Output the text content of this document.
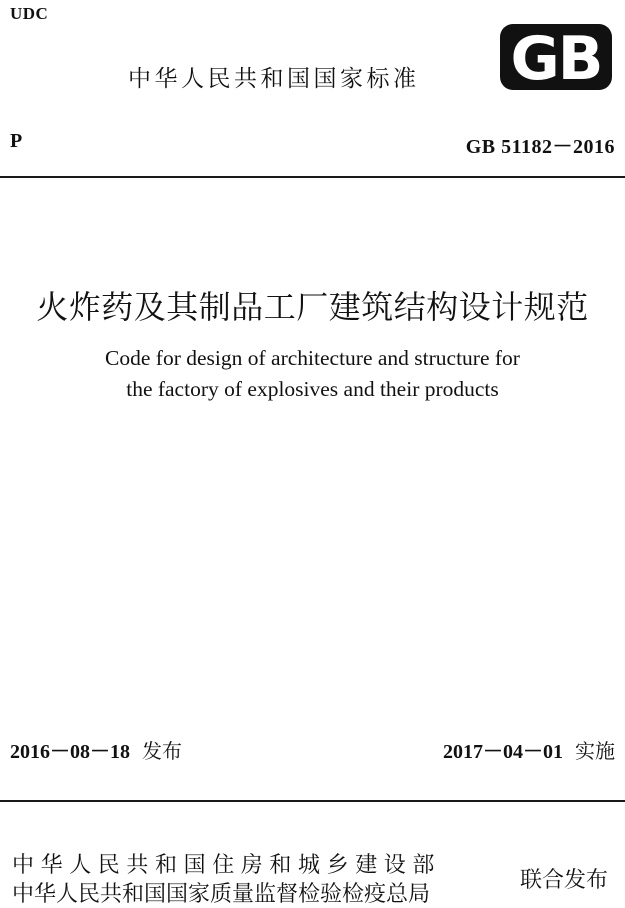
UDC
中华人民共和国国家标准 GB
P	GB 51182－2016
火炸药及其制品工厂建筑结构设计规范
Code for design of architecture and structure for
the factory of explosives and their products
2016－08－18 发布	2017－04－01 实施
中华人民共和国住房和城乡建设部
中华人民共和国国家质量监督检验检疫总局
联合发布
